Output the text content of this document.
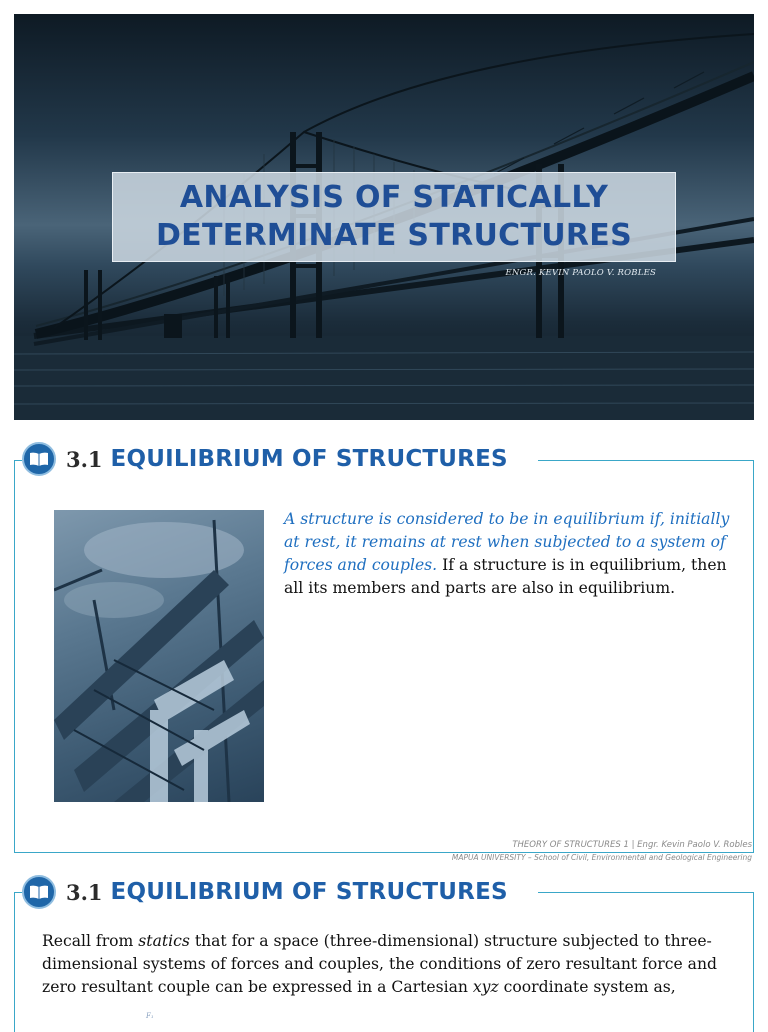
ANALYSIS OF STATICALLY
DETERMINATE STRUCTURES
ENGR. KEVIN PAOLO V. ROBLES
3.1 EQUILIBRIUM OF STRUCTURES
A structure is considered to be in equilibrium if, initially at rest, it remains at rest when subjected to a system of forces and couples. If a structure is in equilibrium, then all its members and parts are also in equilibrium.
THEORY OF STRUCTURES 1 | Engr. Kevin Paolo V. Robles
MAPUA UNIVERSITY – School of Civil, Environmental and Geological Engineering
3.1 EQUILIBRIUM OF STRUCTURES
Recall from statics that for a space (three-dimensional) structure subjected to three-dimensional systems of forces and couples, the conditions of zero resultant force and zero resultant couple can be expressed in a Cartesian xyz coordinate system as,
F₁
